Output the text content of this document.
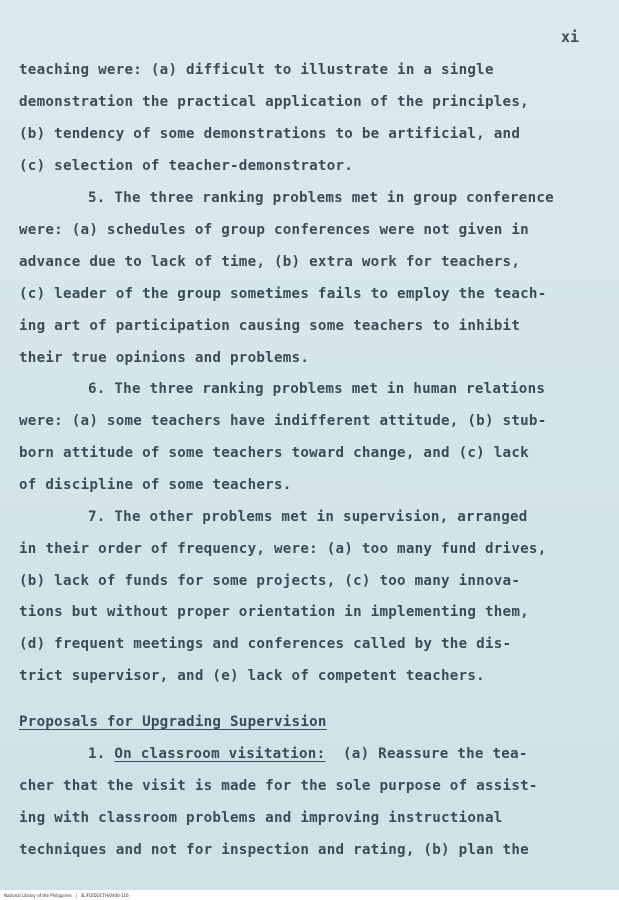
xi
teaching were: (a) difficult to illustrate in a single
demonstration the practical application of the principles,
(b) tendency of some demonstrations to be artificial, and
(c) selection of teacher-demonstrator.
5. The three ranking problems met in group conference
were: (a) schedules of group conferences were not given in
advance due to lack of time, (b) extra work for teachers,
(c) leader of the group sometimes fails to employ the teach-
ing art of participation causing some teachers to inhibit
their true opinions and problems.
6. The three ranking problems met in human relations
were: (a) some teachers have indifferent attitude, (b) stub-
born attitude of some teachers toward change, and (c) lack
of discipline of some teachers.
7. The other problems met in supervision, arranged
in their order of frequency, were: (a) too many fund drives,
(b) lack of funds for some projects, (c) too many innova-
tions but without proper orientation in implementing them,
(d) frequent meetings and conferences called by the dis-
trict supervisor, and (e) lack of competent teachers.
Proposals for Upgrading Supervision
1. On classroom visitation: (a) Reassure the tea-
cher that the visit is made for the sole purpose of assist-
ing with classroom problems and improving instructional
techniques and not for inspection and rating, (b) plan the
National Library of the Philippines   |   SL/FD/DOCTH/0400-116
